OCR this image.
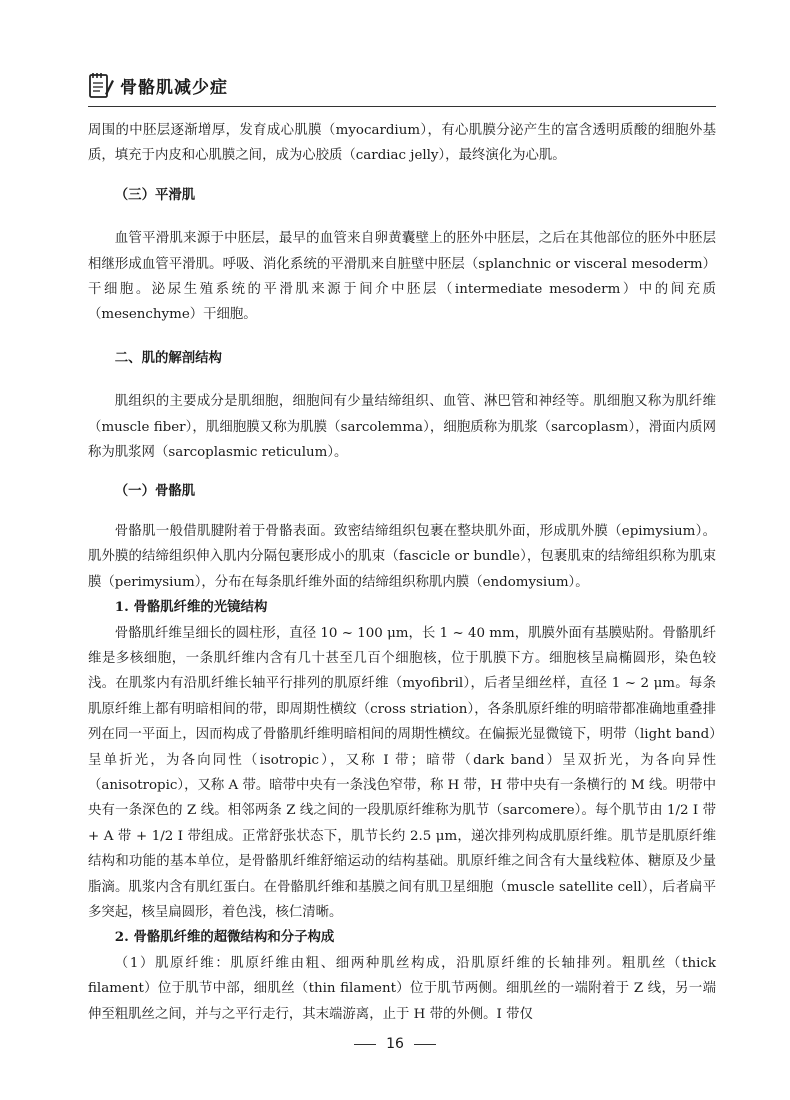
骨骼肌减少症

周围的中胚层逐渐增厚，发育成心肌膜（myocardium），有心肌膜分泌产生的富含透明质酸的细胞外基质，填充于内皮和心肌膜之间，成为心胶质（cardiac jelly），最终演化为心肌。

（三）平滑肌

血管平滑肌来源于中胚层，最早的血管来自卵黄囊壁上的胚外中胚层，之后在其他部位的胚外中胚层相继形成血管平滑肌。呼吸、消化系统的平滑肌来自脏壁中胚层（splanchnic or visceral mesoderm）干细胞。泌尿生殖系统的平滑肌来源于间介中胚层（intermediate mesoderm）中的间充质（mesenchyme）干细胞。

二、肌的解剖结构

肌组织的主要成分是肌细胞，细胞间有少量结缔组织、血管、淋巴管和神经等。肌细胞又称为肌纤维（muscle fiber），肌细胞膜又称为肌膜（sarcolemma），细胞质称为肌浆（sarcoplasm），滑面内质网称为肌浆网（sarcoplasmic reticulum）。

（一）骨骼肌

骨骼肌一般借肌腱附着于骨骼表面。致密结缔组织包裹在整块肌外面，形成肌外膜（epimysium）。肌外膜的结缔组织伸入肌内分隔包裹形成小的肌束（fascicle or bundle），包裹肌束的结缔组织称为肌束膜（perimysium），分布在每条肌纤维外面的结缔组织称肌内膜（endomysium）。

1. 骨骼肌纤维的光镜结构

骨骼肌纤维呈细长的圆柱形，直径 10 ~ 100 μm，长 1 ~ 40 mm，肌膜外面有基膜贴附。骨骼肌纤维是多核细胞，一条肌纤维内含有几十甚至几百个细胞核，位于肌膜下方。细胞核呈扁椭圆形，染色较浅。在肌浆内有沿肌纤维长轴平行排列的肌原纤维（myofibril），后者呈细丝样，直径 1 ~ 2 μm。每条肌原纤维上都有明暗相间的带，即周期性横纹（cross striation），各条肌原纤维的明暗带都准确地重叠排列在同一平面上，因而构成了骨骼肌纤维明暗相间的周期性横纹。在偏振光显微镜下，明带（light band）呈单折光，为各向同性（isotropic），又称 I 带；暗带（dark band）呈双折光，为各向异性（anisotropic），又称 A 带。暗带中央有一条浅色窄带，称 H 带，H 带中央有一条横行的 M 线。明带中央有一条深色的 Z 线。相邻两条 Z 线之间的一段肌原纤维称为肌节（sarcomere）。每个肌节由 1/2 I 带 + A 带 + 1/2 I 带组成。正常舒张状态下，肌节长约 2.5 μm，递次排列构成肌原纤维。肌节是肌原纤维结构和功能的基本单位，是骨骼肌纤维舒缩运动的结构基础。肌原纤维之间含有大量线粒体、糖原及少量脂滴。肌浆内含有肌红蛋白。在骨骼肌纤维和基膜之间有肌卫星细胞（muscle satellite cell），后者扁平多突起，核呈扁圆形，着色浅，核仁清晰。

2. 骨骼肌纤维的超微结构和分子构成

（1）肌原纤维：肌原纤维由粗、细两种肌丝构成，沿肌原纤维的长轴排列。粗肌丝（thick filament）位于肌节中部，细肌丝（thin filament）位于肌节两侧。细肌丝的一端附着于 Z 线，另一端伸至粗肌丝之间，并与之平行走行，其末端游离，止于 H 带的外侧。I 带仅

16
